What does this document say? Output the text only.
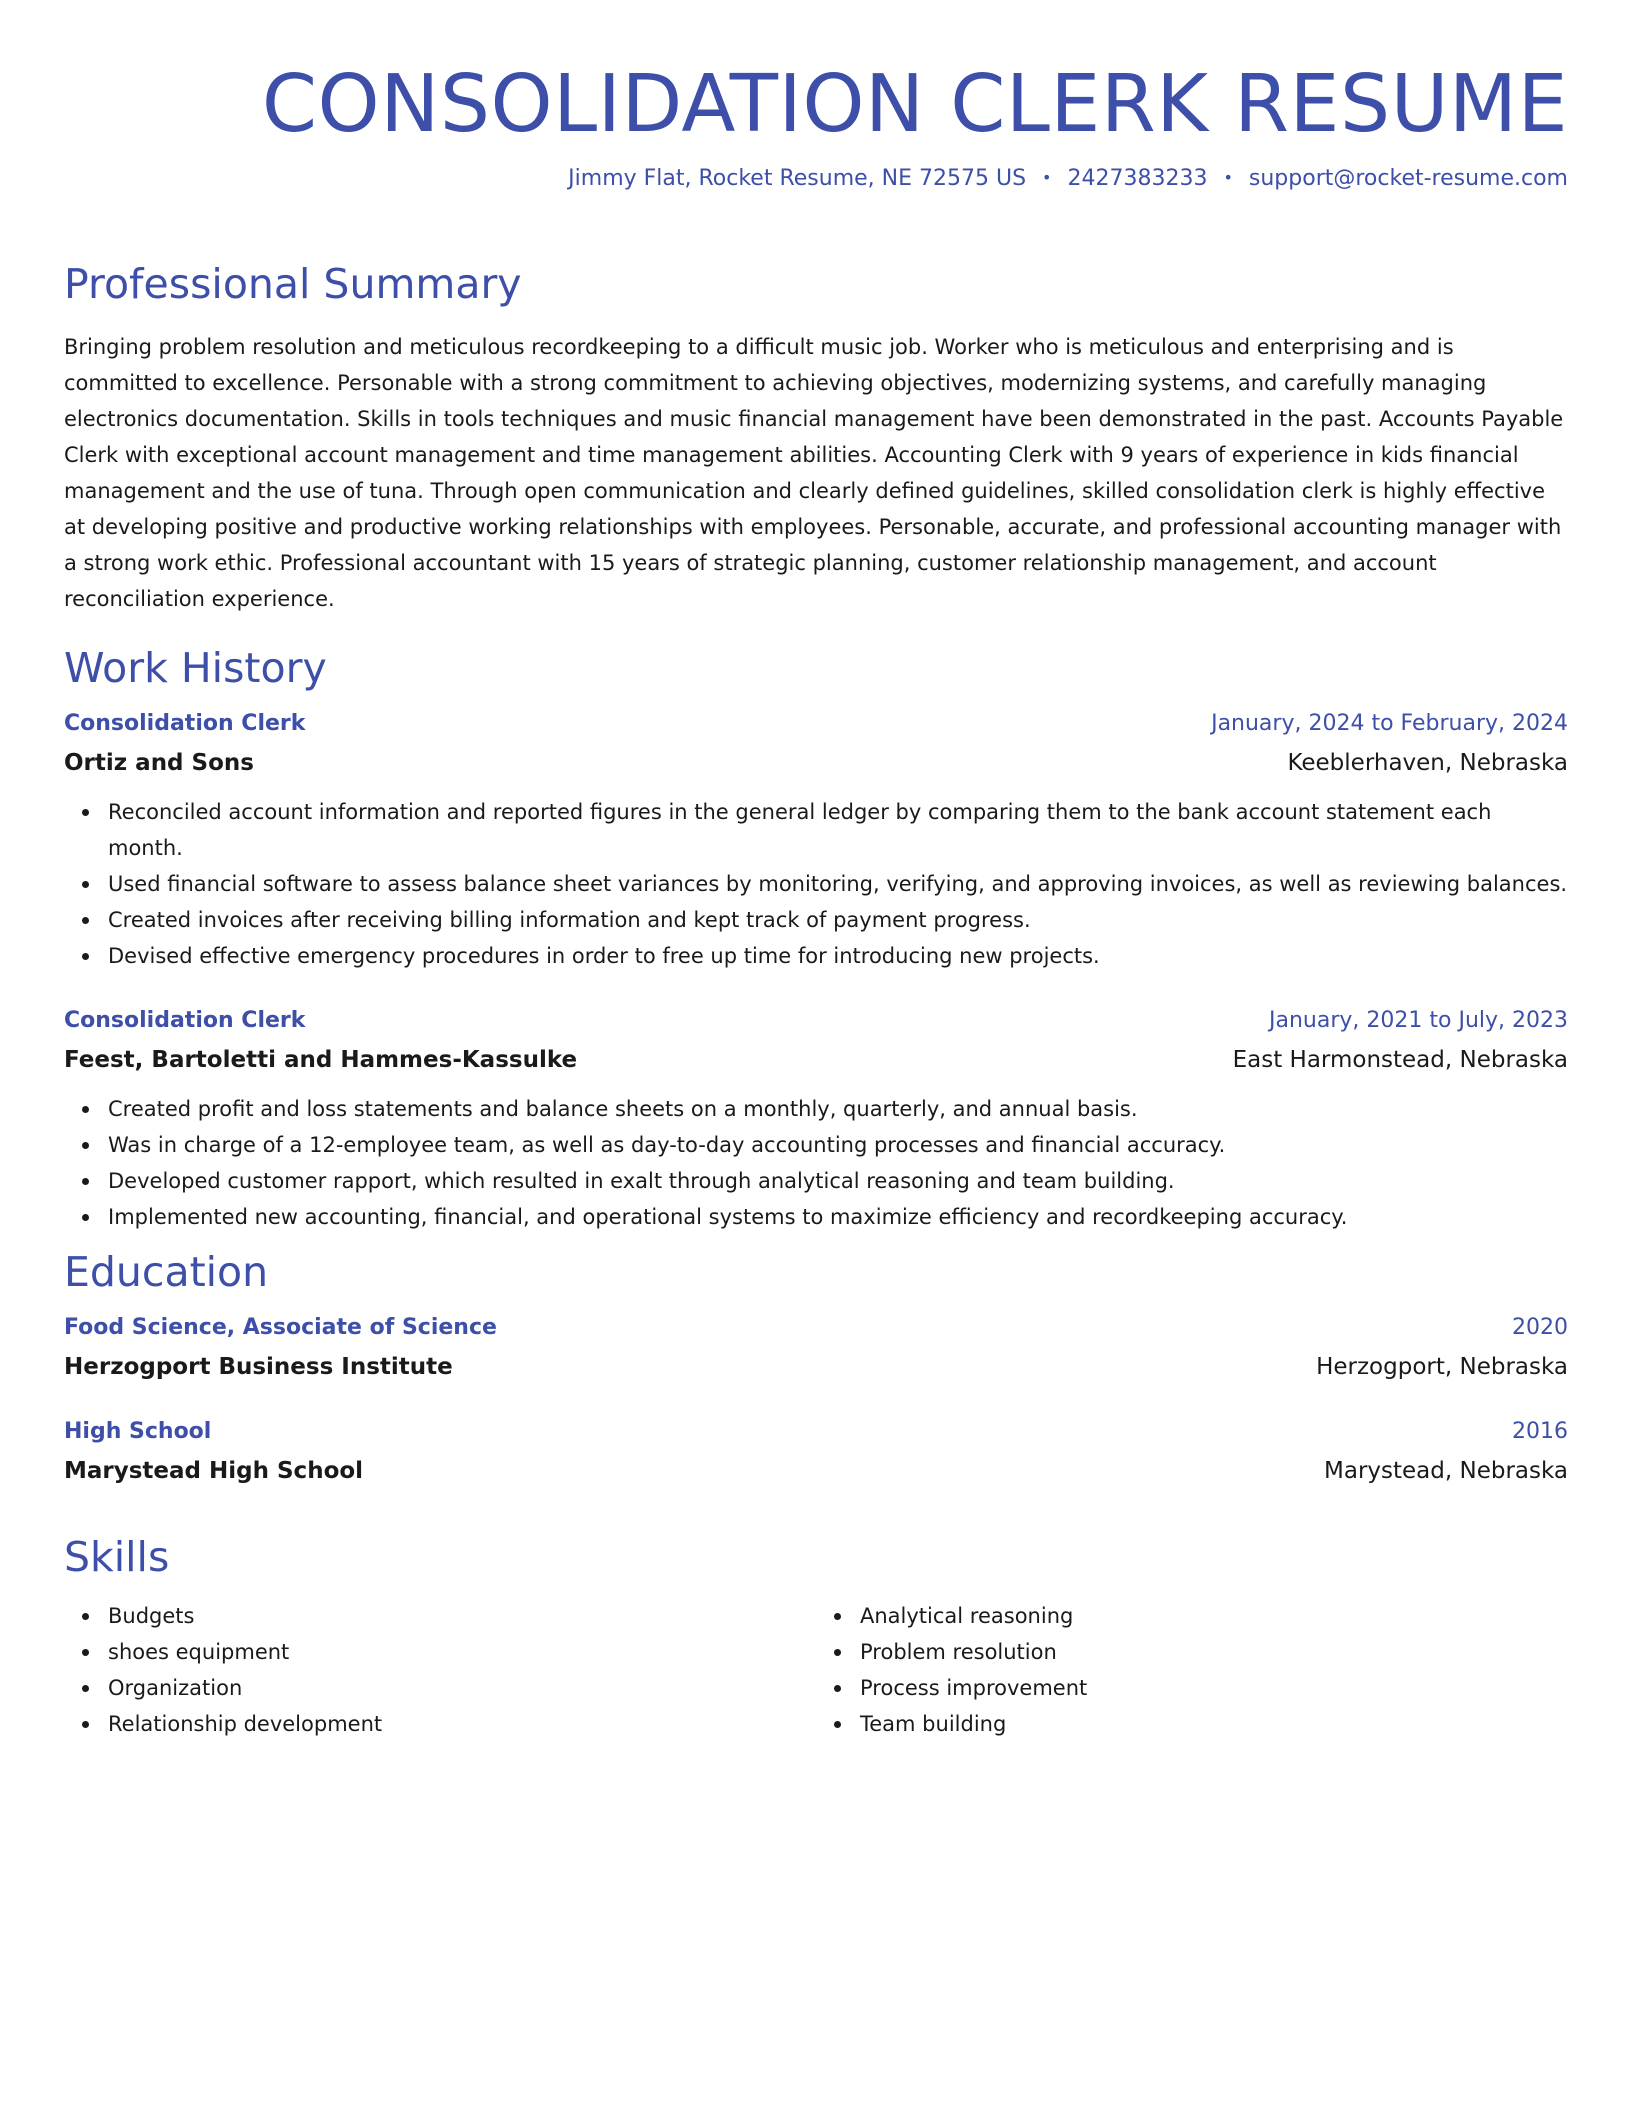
CONSOLIDATION CLERK RESUME
Jimmy Flat, Rocket Resume, NE 72575 US • 2427383233 • support@rocket-resume.com
Professional Summary

Bringing problem resolution and meticulous recordkeeping to a difficult music job. Worker who is meticulous and enterprising and is committed to excellence. Personable with a strong commitment to achieving objectives, modernizing systems, and carefully managing electronics documentation. Skills in tools techniques and music financial management have been demonstrated in the past. Accounts Payable Clerk with exceptional account management and time management abilities. Accounting Clerk with 9 years of experience in kids financial management and the use of tuna. Through open communication and clearly defined guidelines, skilled consolidation clerk is highly effective at developing positive and productive working relationships with employees. Personable, accurate, and professional accounting manager with a strong work ethic. Professional accountant with 15 years of strategic planning, customer relationship management, and account reconciliation experience.

Work History
Consolidation Clerk	January, 2024 to February, 2024
Ortiz and Sons	Keeblerhaven, Nebraska
Reconciled account information and reported figures in the general ledger by comparing them to the bank account statement each month.
Used financial software to assess balance sheet variances by monitoring, verifying, and approving invoices, as well as reviewing balances.
Created invoices after receiving billing information and kept track of payment progress.
Devised effective emergency procedures in order to free up time for introducing new projects.
Consolidation Clerk	January, 2021 to July, 2023
Feest, Bartoletti and Hammes-Kassulke	East Harmonstead, Nebraska
Created profit and loss statements and balance sheets on a monthly, quarterly, and annual basis.
Was in charge of a 12-employee team, as well as day-to-day accounting processes and financial accuracy.
Developed customer rapport, which resulted in exalt through analytical reasoning and team building.
Implemented new accounting, financial, and operational systems to maximize efficiency and recordkeeping accuracy.
Education
Food Science, Associate of Science	2020
Herzogport Business Institute	Herzogport, Nebraska
High School	2016
Marystead High School	Marystead, Nebraska
Skills
Budgets
shoes equipment
Organization
Relationship development
Analytical reasoning
Problem resolution
Process improvement
Team building
